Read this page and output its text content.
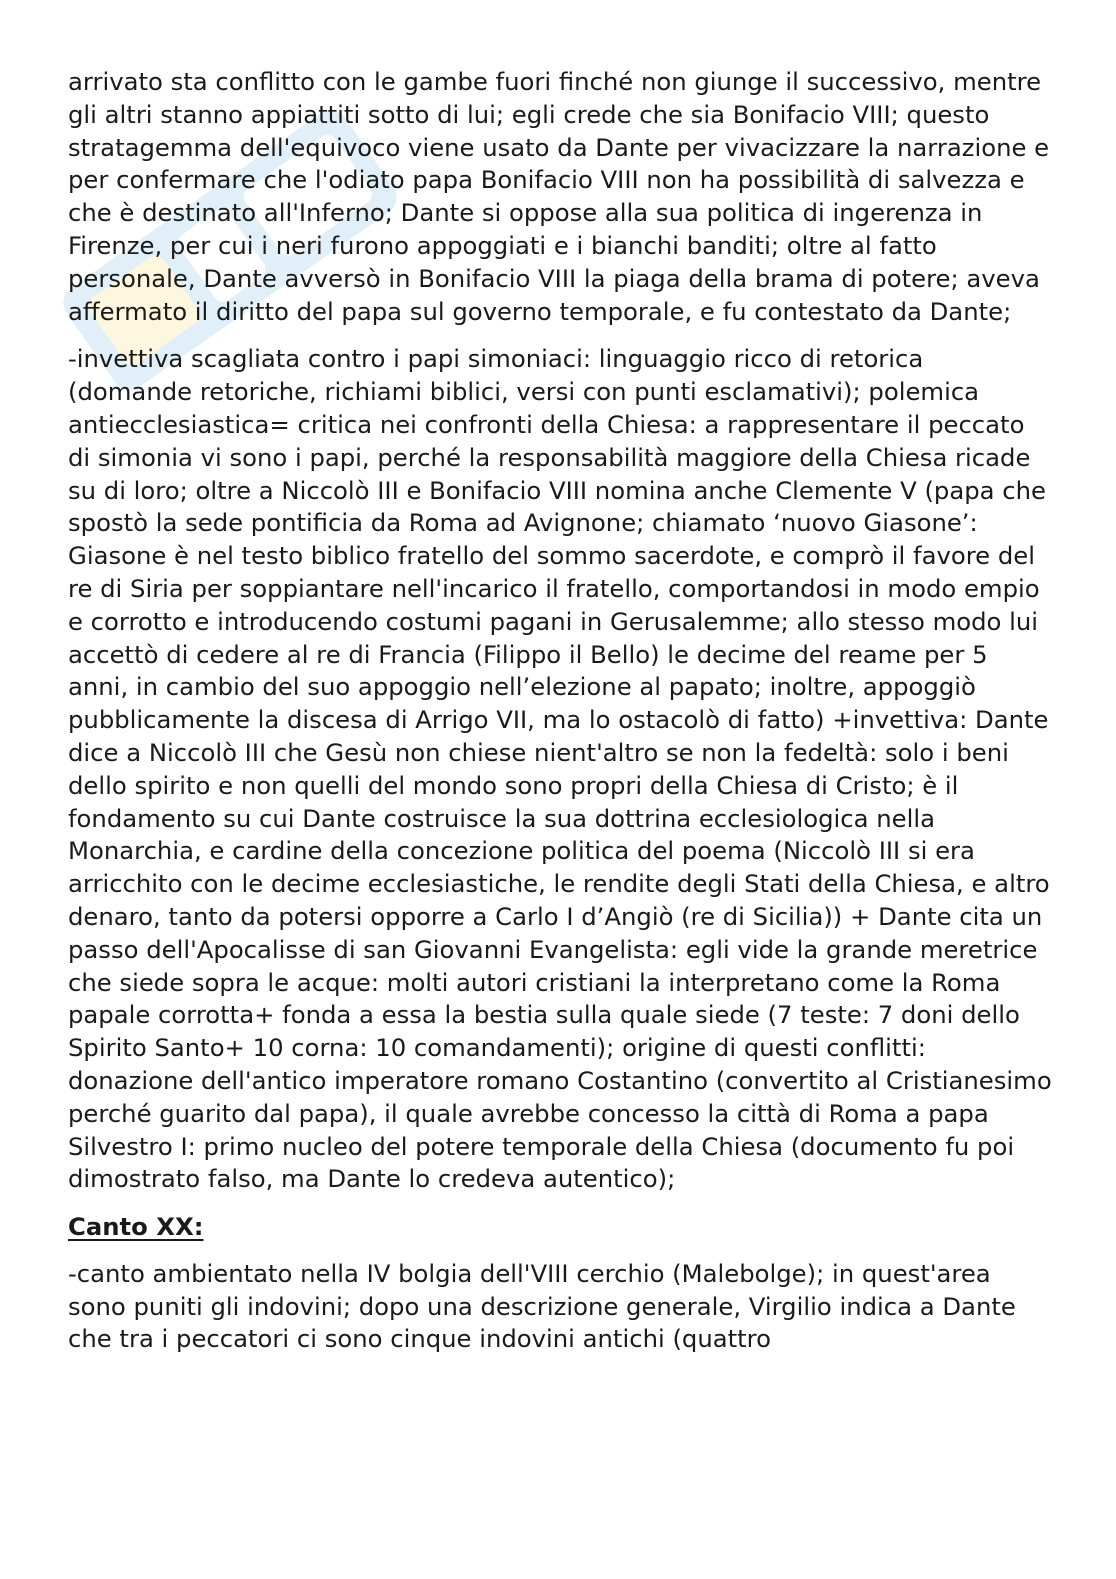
arrivato sta conflitto con le gambe fuori finché non giunge il successivo, mentre gli altri stanno appiattiti sotto di lui; egli crede che sia Bonifacio VIII; questo stratagemma dell'equivoco viene usato da Dante per vivacizzare la narrazione e per confermare che l'odiato papa Bonifacio VIII non ha possibilità di salvezza e che è destinato all'Inferno; Dante si oppose alla sua politica di ingerenza in Firenze, per cui i neri furono appoggiati e i bianchi banditi; oltre al fatto personale, Dante avversò in Bonifacio VIII la piaga della brama di potere; aveva affermato il diritto del papa sul governo temporale, e fu contestato da Dante;

-invettiva scagliata contro i papi simoniaci: linguaggio ricco di retorica (domande retoriche, richiami biblici, versi con punti esclamativi); polemica antiecclesiastica= critica nei confronti della Chiesa: a rappresentare il peccato di simonia vi sono i papi, perché la responsabilità maggiore della Chiesa ricade su di loro; oltre a Niccolò III e Bonifacio VIII nomina anche Clemente V (papa che spostò la sede pontificia da Roma ad Avignone; chiamato ‘nuovo Giasone’: Giasone è nel testo biblico fratello del sommo sacerdote, e comprò il favore del re di Siria per soppiantare nell'incarico il fratello, comportandosi in modo empio e corrotto e introducendo costumi pagani in Gerusalemme; allo stesso modo lui accettò di cedere al re di Francia (Filippo il Bello) le decime del reame per 5 anni, in cambio del suo appoggio nell’elezione al papato; inoltre, appoggiò pubblicamente la discesa di Arrigo VII, ma lo ostacolò di fatto) +invettiva: Dante dice a Niccolò III che Gesù non chiese nient'altro se non la fedeltà: solo i beni dello spirito e non quelli del mondo sono propri della Chiesa di Cristo; è il fondamento su cui Dante costruisce la sua dottrina ecclesiologica nella Monarchia, e cardine della concezione politica del poema (Niccolò III si era arricchito con le decime ecclesiastiche, le rendite degli Stati della Chiesa, e altro denaro, tanto da potersi opporre a Carlo I d’Angiò (re di Sicilia)) + Dante cita un passo dell'Apocalisse di san Giovanni Evangelista: egli vide la grande meretrice che siede sopra le acque: molti autori cristiani la interpretano come la Roma papale corrotta+ fonda a essa la bestia sulla quale siede (7 teste: 7 doni dello Spirito Santo+ 10 corna: 10 comandamenti); origine di questi conflitti: donazione dell'antico imperatore romano Costantino (convertito al Cristianesimo perché guarito dal papa), il quale avrebbe concesso la città di Roma a papa Silvestro I: primo nucleo del potere temporale della Chiesa (documento fu poi dimostrato falso, ma Dante lo credeva autentico);

Canto XX:

-canto ambientato nella IV bolgia dell'VIII cerchio (Malebolge); in quest'area sono puniti gli indovini; dopo una descrizione generale, Virgilio indica a Dante che tra i peccatori ci sono cinque indovini antichi (quattro
